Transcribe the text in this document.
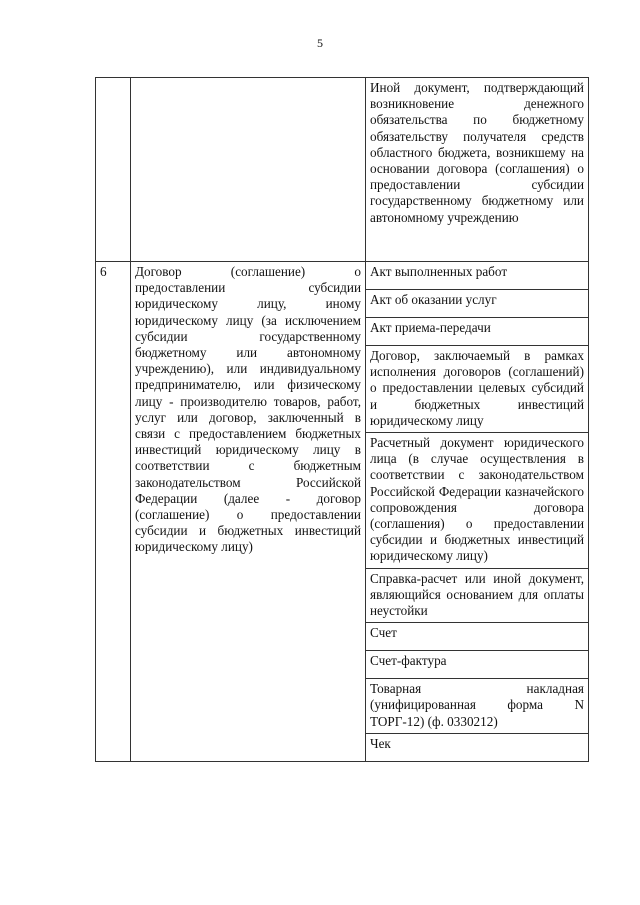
5
		Иной документ, подтверждающий возникновение денежного обязательства по бюджетному обязательству получателя средств областного бюджета, возникшему на основании договора (соглашения) о предоставлении субсидии государственному бюджетному или автономному учреждению
6	Договор (соглашение) о предоставлении субсидии юридическому лицу, иному юридическому лицу (за исключением субсидии государственному бюджетному или автономному учреждению), или индивидуальному предпринимателю, или физическому лицу - производителю товаров, работ, услуг или договор, заключенный в связи с предоставлением бюджетных инвестиций юридическому лицу в соответствии с бюджетным законодательством Российской Федерации (далее - договор (соглашение) о предоставлении субсидии и бюджетных инвестиций юридическому лицу)	Акт выполненных работ
		Акт об оказании услуг
		Акт приема-передачи
		Договор, заключаемый в рамках исполнения договоров (соглашений) о предоставлении целевых субсидий и бюджетных инвестиций юридическому лицу
		Расчетный документ юридического лица (в случае осуществления в соответствии с законодательством Российской Федерации казначейского сопровождения договора (соглашения) о предоставлении субсидии и бюджетных инвестиций юридическому лицу)
		Справка-расчет или иной документ, являющийся основанием для оплаты неустойки
		Счет
		Счет-фактура
		Товарная накладная (унифицированная форма N ТОРГ-12) (ф. 0330212)
		Чек
